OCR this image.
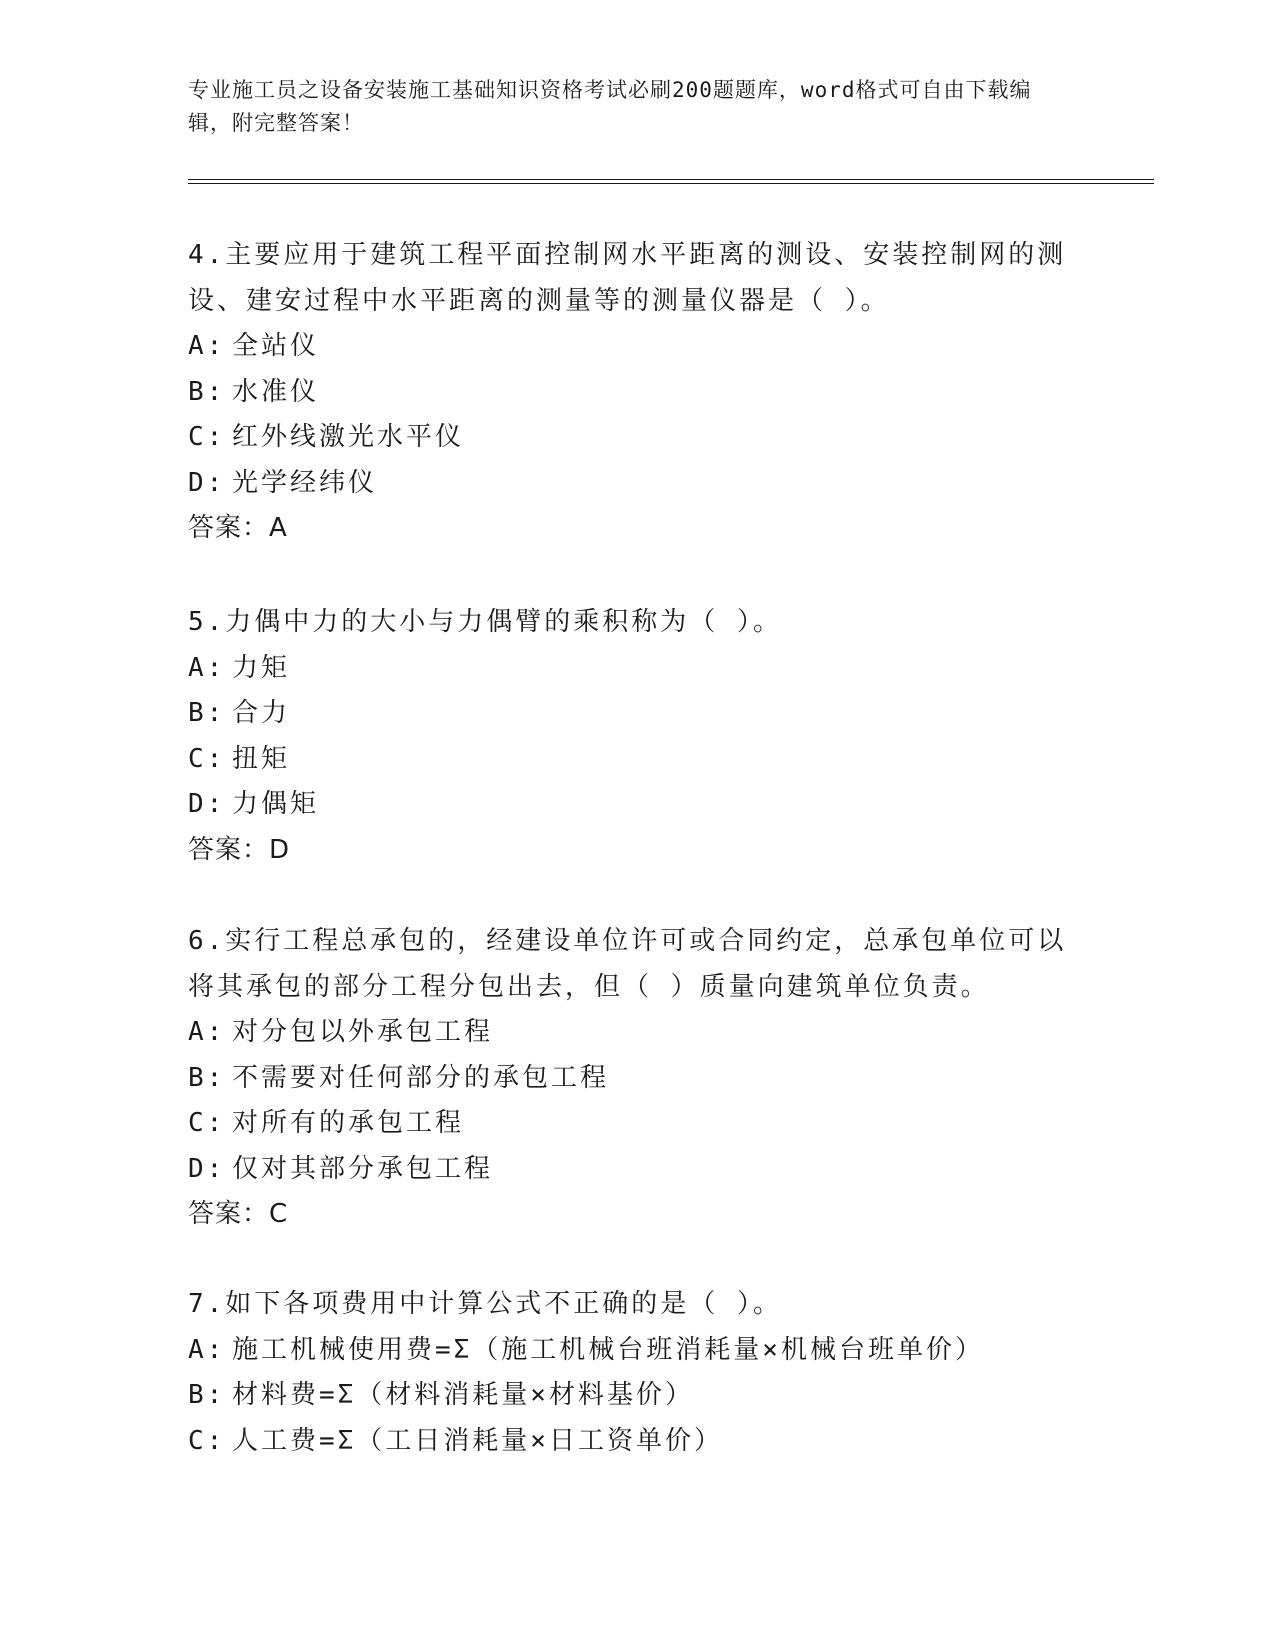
专业施工员之设备安装施工基础知识资格考试必刷200题题库，word格式可自由下载编辑，附完整答案！
4.主要应用于建筑工程平面控制网水平距离的测设、安装控制网的测设、建安过程中水平距离的测量等的测量仪器是（ ）。
A: 全站仪
B: 水准仪
C: 红外线激光水平仪
D: 光学经纬仪
答案：A
5.力偶中力的大小与力偶臂的乘积称为（ ）。
A: 力矩
B: 合力
C: 扭矩
D: 力偶矩
答案：D
6.实行工程总承包的，经建设单位许可或合同约定，总承包单位可以将其承包的部分工程分包出去，但（ ）质量向建筑单位负责。
A: 对分包以外承包工程
B: 不需要对任何部分的承包工程
C: 对所有的承包工程
D: 仅对其部分承包工程
答案：C
7.如下各项费用中计算公式不正确的是（ ）。
A: 施工机械使用费=Σ（施工机械台班消耗量×机械台班单价）
B: 材料费=Σ（材料消耗量×材料基价）
C: 人工费=Σ（工日消耗量×日工资单价）
